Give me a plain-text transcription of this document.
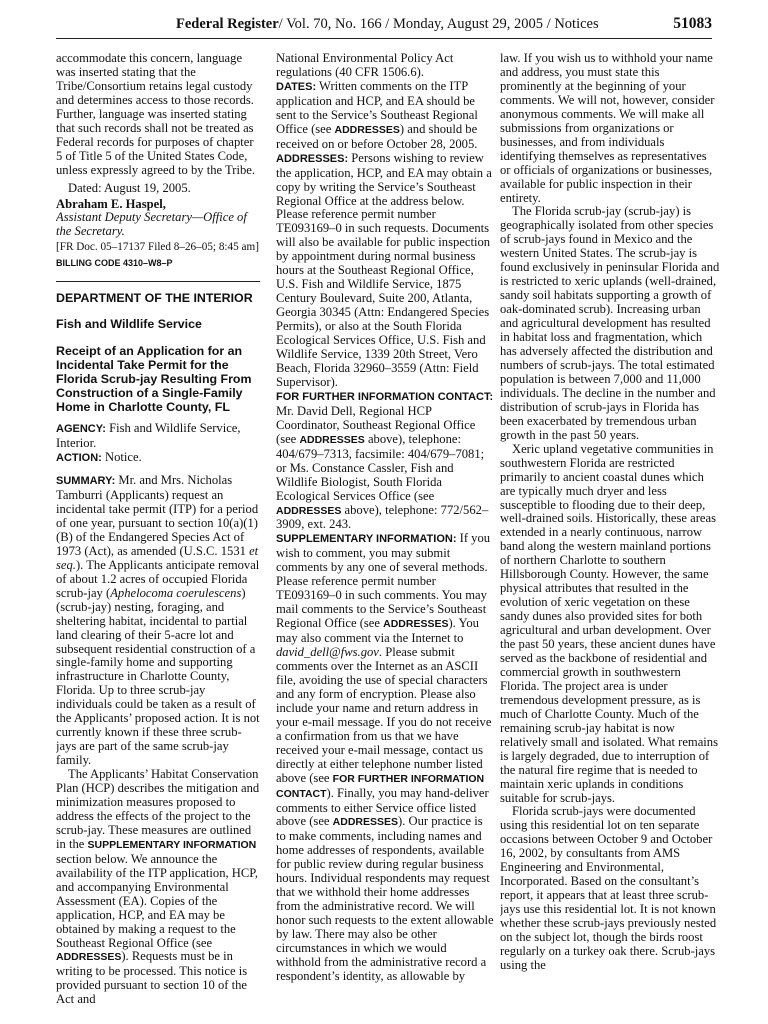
Federal Register/ Vol. 70, No. 166 / Monday, August 29, 2005 / Notices	51083

accommodate this concern, language was inserted stating that the Tribe/Consortium retains legal custody and determines access to those records. Further, language was inserted stating that such records shall not be treated as Federal records for purposes of chapter 5 of Title 5 of the United States Code, unless expressly agreed to by the Tribe.

Dated: August 19, 2005.

Abraham E. Haspel,

Assistant Deputy Secretary—Office of the Secretary.

[FR Doc. 05–17137 Filed 8–26–05; 8:45 am]

BILLING CODE 4310–W8–P

DEPARTMENT OF THE INTERIOR

Fish and Wildlife Service

Receipt of an Application for an Incidental Take Permit for the Florida Scrub-jay Resulting From Construction of a Single-Family Home in Charlotte County, FL

AGENCY: Fish and Wildlife Service, Interior.

ACTION: Notice.

SUMMARY: Mr. and Mrs. Nicholas Tamburri (Applicants) request an incidental take permit (ITP) for a period of one year, pursuant to section 10(a)(1)(B) of the Endangered Species Act of 1973 (Act), as amended (U.S.C. 1531 et seq.). The Applicants anticipate removal of about 1.2 acres of occupied Florida scrub-jay (Aphelocoma coerulescens) (scrub-jay) nesting, foraging, and sheltering habitat, incidental to partial land clearing of their 5-acre lot and subsequent residential construction of a single-family home and supporting infrastructure in Charlotte County, Florida. Up to three scrub-jay individuals could be taken as a result of the Applicants’ proposed action. It is not currently known if these three scrub-jays are part of the same scrub-jay family.

The Applicants’ Habitat Conservation Plan (HCP) describes the mitigation and minimization measures proposed to address the effects of the project to the scrub-jay. These measures are outlined in the SUPPLEMENTARY INFORMATION section below. We announce the availability of the ITP application, HCP, and accompanying Environmental Assessment (EA). Copies of the application, HCP, and EA may be obtained by making a request to the Southeast Regional Office (see ADDRESSES). Requests must be in writing to be processed. This notice is provided pursuant to section 10 of the Act and

National Environmental Policy Act regulations (40 CFR 1506.6).

DATES: Written comments on the ITP application and HCP, and EA should be sent to the Service’s Southeast Regional Office (see ADDRESSES) and should be received on or before October 28, 2005.

ADDRESSES: Persons wishing to review the application, HCP, and EA may obtain a copy by writing the Service’s Southeast Regional Office at the address below. Please reference permit number TE093169–0 in such requests. Documents will also be available for public inspection by appointment during normal business hours at the Southeast Regional Office, U.S. Fish and Wildlife Service, 1875 Century Boulevard, Suite 200, Atlanta, Georgia 30345 (Attn: Endangered Species Permits), or also at the South Florida Ecological Services Office, U.S. Fish and Wildlife Service, 1339 20th Street, Vero Beach, Florida 32960–3559 (Attn: Field Supervisor).

FOR FURTHER INFORMATION CONTACT: Mr. David Dell, Regional HCP Coordinator, Southeast Regional Office (see ADDRESSES above), telephone: 404/679–7313, facsimile: 404/679–7081; or Ms. Constance Cassler, Fish and Wildlife Biologist, South Florida Ecological Services Office (see ADDRESSES above), telephone: 772/562–3909, ext. 243.

SUPPLEMENTARY INFORMATION: If you wish to comment, you may submit comments by any one of several methods. Please reference permit number TE093169–0 in such comments. You may mail comments to the Service’s Southeast Regional Office (see ADDRESSES). You may also comment via the Internet to david_dell@fws.gov. Please submit comments over the Internet as an ASCII file, avoiding the use of special characters and any form of encryption. Please also include your name and return address in your e-mail message. If you do not receive a confirmation from us that we have received your e-mail message, contact us directly at either telephone number listed above (see FOR FURTHER INFORMATION CONTACT). Finally, you may hand-deliver comments to either Service office listed above (see ADDRESSES). Our practice is to make comments, including names and home addresses of respondents, available for public review during regular business hours. Individual respondents may request that we withhold their home addresses from the administrative record. We will honor such requests to the extent allowable by law. There may also be other circumstances in which we would withhold from the administrative record a respondent’s identity, as allowable by

law. If you wish us to withhold your name and address, you must state this prominently at the beginning of your comments. We will not, however, consider anonymous comments. We will make all submissions from organizations or businesses, and from individuals identifying themselves as representatives or officials of organizations or businesses, available for public inspection in their entirety.

The Florida scrub-jay (scrub-jay) is geographically isolated from other species of scrub-jays found in Mexico and the western United States. The scrub-jay is found exclusively in peninsular Florida and is restricted to xeric uplands (well-drained, sandy soil habitats supporting a growth of oak-dominated scrub). Increasing urban and agricultural development has resulted in habitat loss and fragmentation, which has adversely affected the distribution and numbers of scrub-jays. The total estimated population is between 7,000 and 11,000 individuals. The decline in the number and distribution of scrub-jays in Florida has been exacerbated by tremendous urban growth in the past 50 years.

Xeric upland vegetative communities in southwestern Florida are restricted primarily to ancient coastal dunes which are typically much dryer and less susceptible to flooding due to their deep, well-drained soils. Historically, these areas extended in a nearly continuous, narrow band along the western mainland portions of northern Charlotte to southern Hillsborough County. However, the same physical attributes that resulted in the evolution of xeric vegetation on these sandy dunes also provided sites for both agricultural and urban development. Over the past 50 years, these ancient dunes have served as the backbone of residential and commercial growth in southwestern Florida. The project area is under tremendous development pressure, as is much of Charlotte County. Much of the remaining scrub-jay habitat is now relatively small and isolated. What remains is largely degraded, due to interruption of the natural fire regime that is needed to maintain xeric uplands in conditions suitable for scrub-jays.

Florida scrub-jays were documented using this residential lot on ten separate occasions between October 9 and October 16, 2002, by consultants from AMS Engineering and Environmental, Incorporated. Based on the consultant’s report, it appears that at least three scrub-jays use this residential lot. It is not known whether these scrub-jays previously nested on the subject lot, though the birds roost regularly on a turkey oak there. Scrub-jays using the
